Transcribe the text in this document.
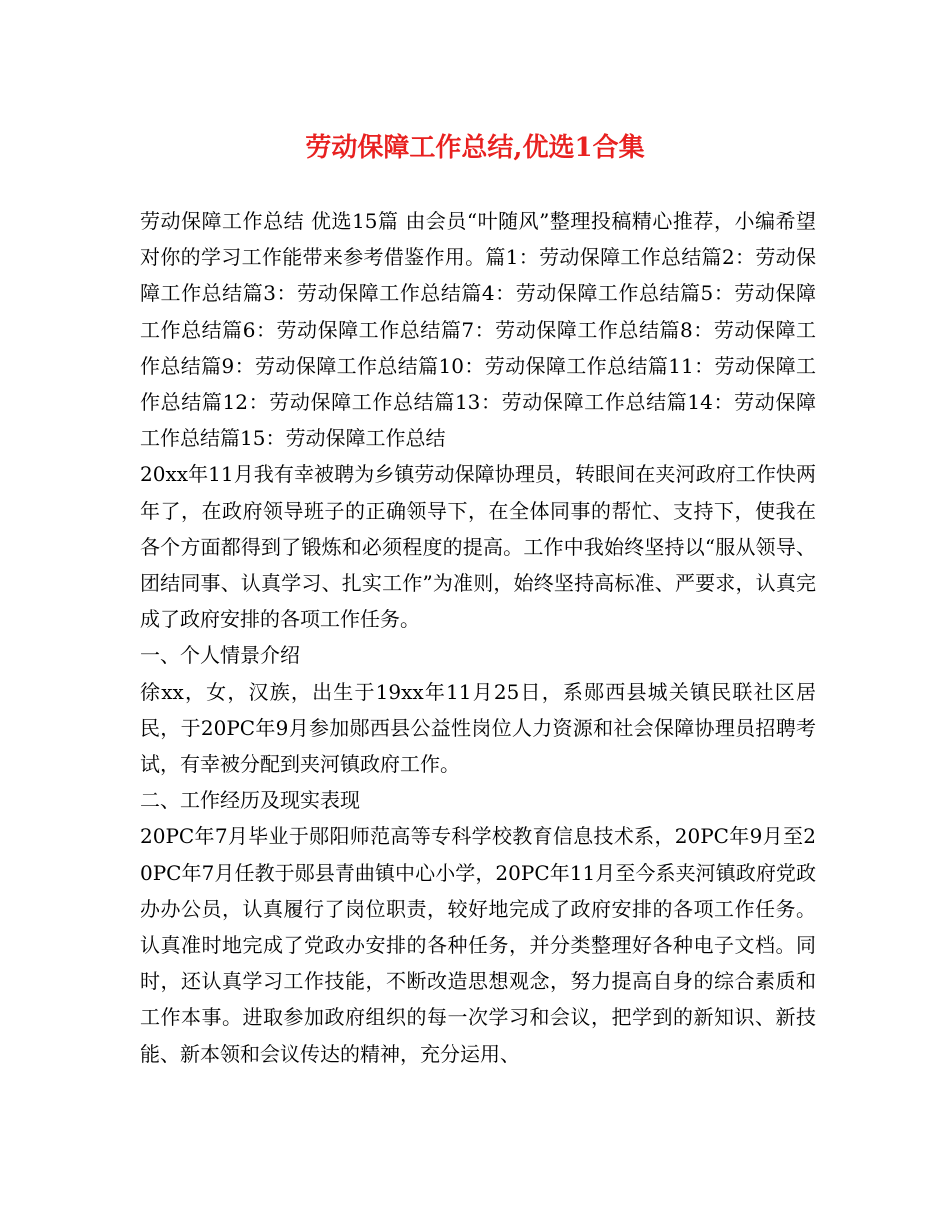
劳动保障工作总结,优选1合集

劳动保障工作总结 优选15篇 由会员“叶随风”整理投稿精心推荐，小编希望对你的学习工作能带来参考借鉴作用。篇1：劳动保障工作总结篇2：劳动保障工作总结篇3：劳动保障工作总结篇4：劳动保障工作总结篇5：劳动保障工作总结篇6：劳动保障工作总结篇7：劳动保障工作总结篇8：劳动保障工作总结篇9：劳动保障工作总结篇10：劳动保障工作总结篇11：劳动保障工作总结篇12：劳动保障工作总结篇13：劳动保障工作总结篇14：劳动保障工作总结篇15：劳动保障工作总结

20xx年11月我有幸被聘为乡镇劳动保障协理员，转眼间在夹河政府工作快两年了，在政府领导班子的正确领导下，在全体同事的帮忙、支持下，使我在各个方面都得到了锻炼和必须程度的提高。工作中我始终坚持以“服从领导、团结同事、认真学习、扎实工作”为准则，始终坚持高标准、严要求，认真完成了政府安排的各项工作任务。

一、个人情景介绍

徐xx，女，汉族，出生于19xx年11月25日，系郧西县城关镇民联社区居民，于20PC年9月参加郧西县公益性岗位人力资源和社会保障协理员招聘考试，有幸被分配到夹河镇政府工作。

二、工作经历及现实表现

20PC年7月毕业于郧阳师范高等专科学校教育信息技术系，20PC年9月至20PC年7月任教于郧县青曲镇中心小学，20PC年11月至今系夹河镇政府党政办办公员，认真履行了岗位职责，较好地完成了政府安排的各项工作任务。认真准时地完成了党政办安排的各种任务，并分类整理好各种电子文档。同时，还认真学习工作技能，不断改造思想观念，努力提高自身的综合素质和工作本事。进取参加政府组织的每一次学习和会议，把学到的新知识、新技能、新本领和会议传达的精神，充分运用、
